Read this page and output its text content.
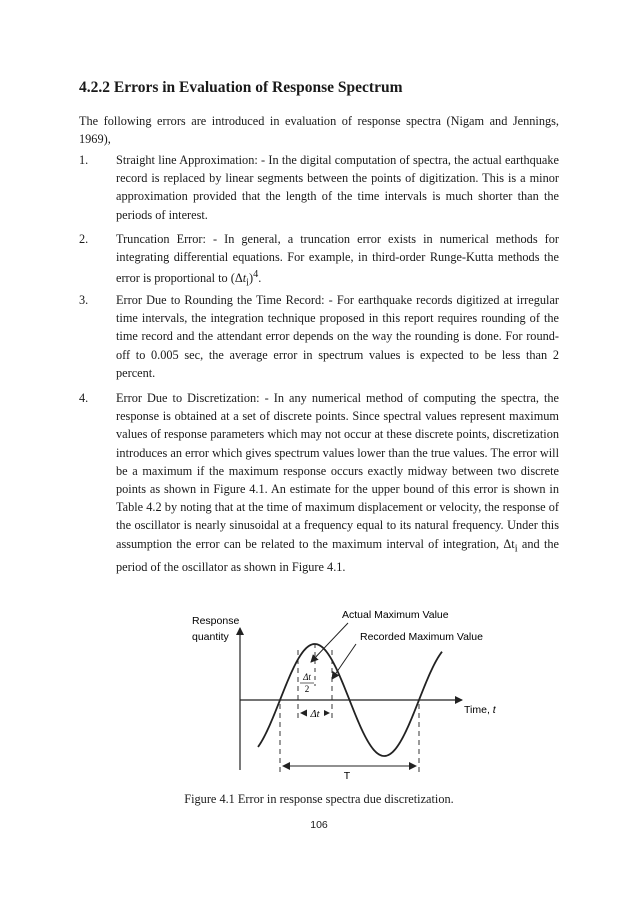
4.2.2 Errors in Evaluation of Response Spectrum
The following errors are introduced in evaluation of response spectra (Nigam and Jennings, 1969),
1. Straight line Approximation: - In the digital computation of spectra, the actual earthquake record is replaced by linear segments between the points of digitization. This is a minor approximation provided that the length of the time intervals is much shorter than the periods of interest.
2. Truncation Error: - In general, a truncation error exists in numerical methods for integrating differential equations. For example, in third-order Runge-Kutta methods the error is proportional to $(\Delta t_i)^4$.
3. Error Due to Rounding the Time Record: - For earthquake records digitized at irregular time intervals, the integration technique proposed in this report requires rounding of the time record and the attendant error depends on the way the rounding is done. For round-off to 0.005 sec, the average error in spectrum values is expected to be less than 2 percent.
4. Error Due to Discretization: - In any numerical method of computing the spectra, the response is obtained at a set of discrete points. Since spectral values represent maximum values of response parameters which may not occur at these discrete points, discretization introduces an error which gives spectrum values lower than the true values. The error will be a maximum if the maximum response occurs exactly midway between two discrete points as shown in Figure 4.1. An estimate for the upper bound of this error is shown in Table 4.2 by noting that at the time of maximum displacement or velocity, the response of the oscillator is nearly sinusoidal at a frequency equal to its natural frequency. Under this assumption the error can be related to the maximum interval of integration, $\Delta t_i$ and the period of the oscillator as shown in Figure 4.1.
Response
quantity
Time, t
Δt
2
Δt
T
Actual Maximum Value
Recorded Maximum Value
Figure 4.1 Error in response spectra due discretization.
106
